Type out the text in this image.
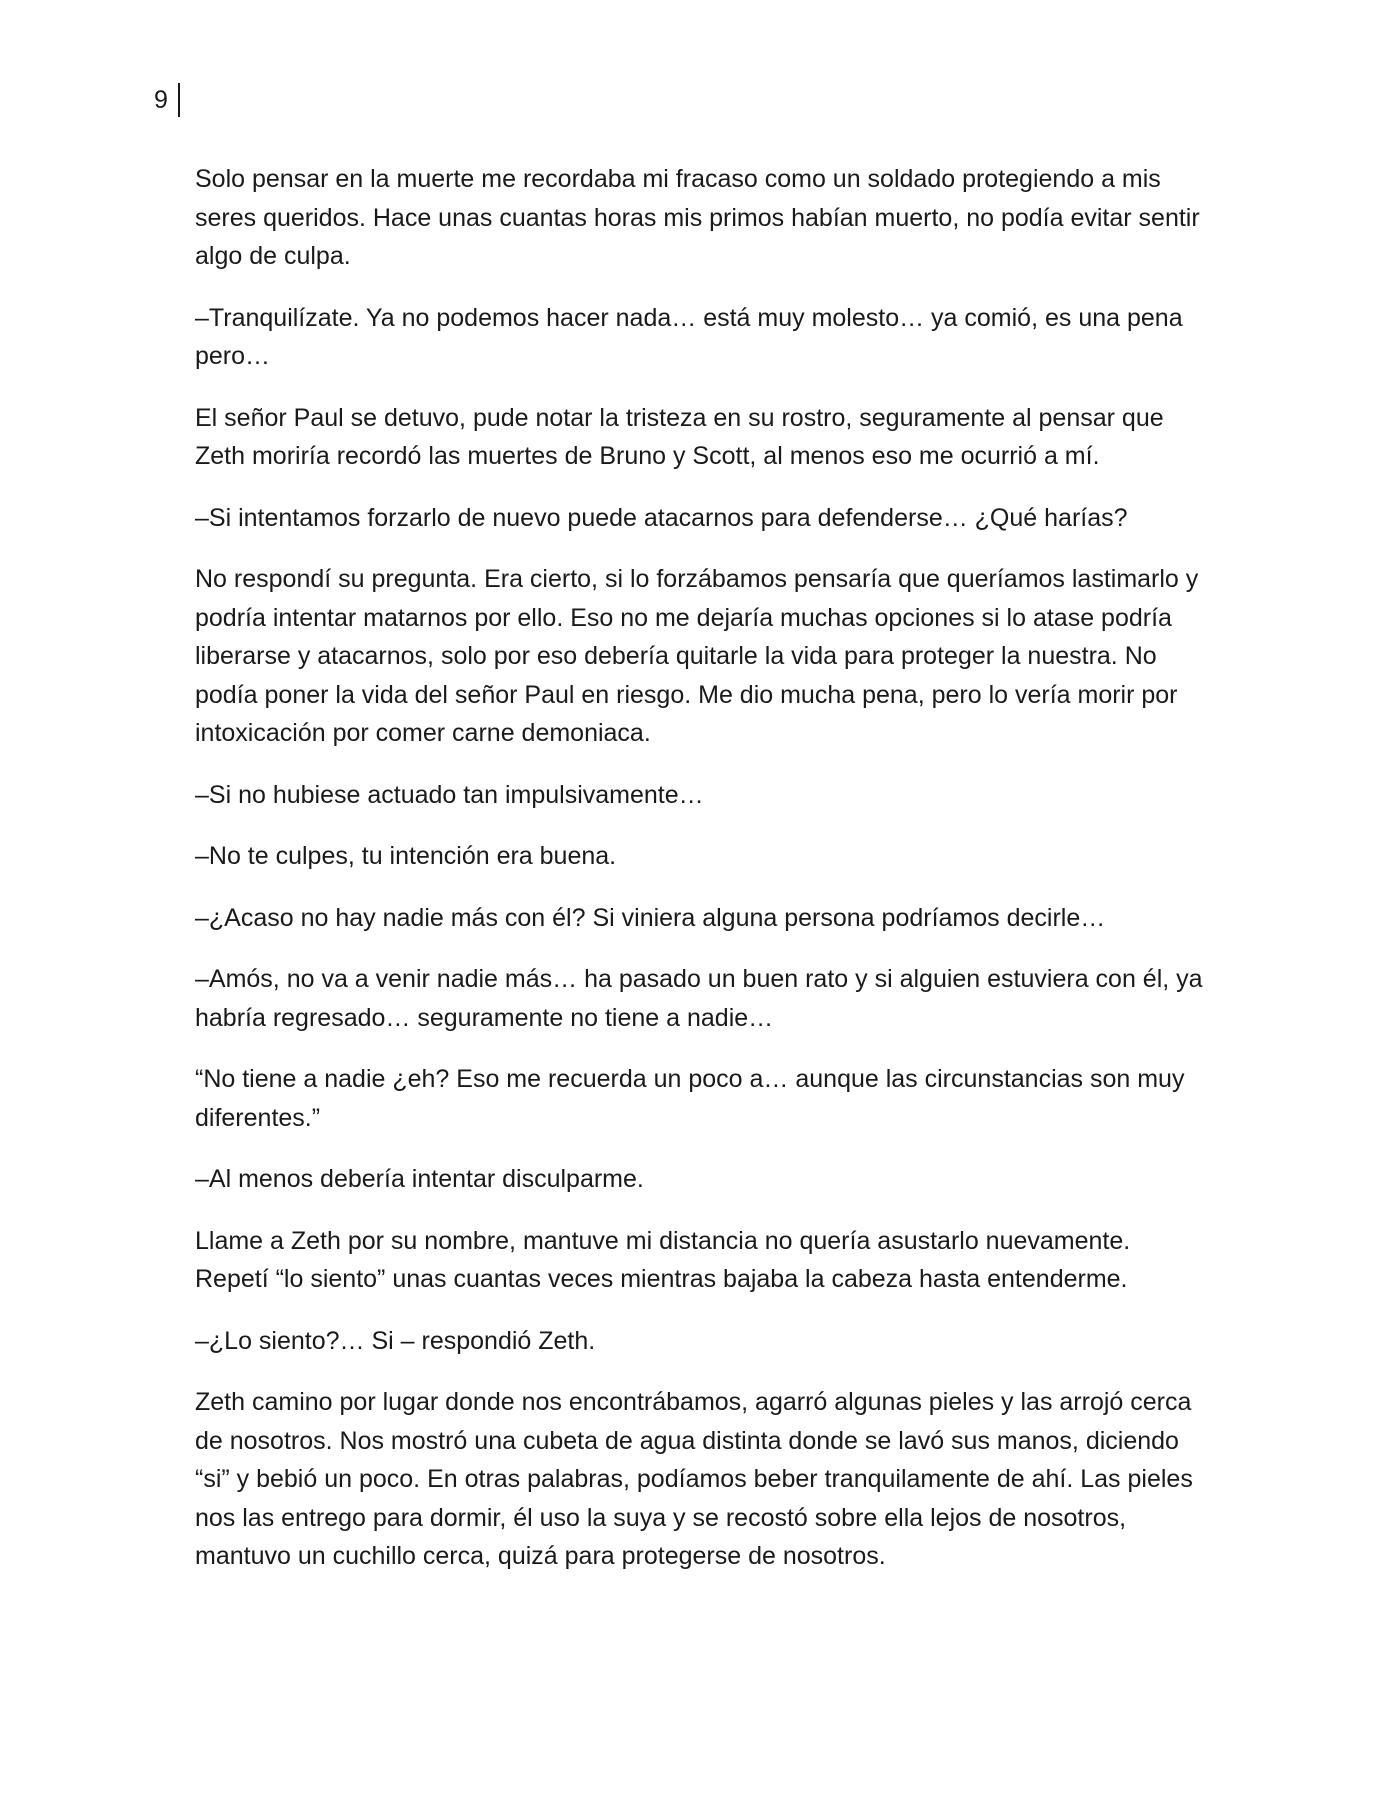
9

Solo pensar en la muerte me recordaba mi fracaso como un soldado protegiendo a mis seres queridos. Hace unas cuantas horas mis primos habían muerto, no podía evitar sentir algo de culpa.

–Tranquilízate. Ya no podemos hacer nada… está muy molesto… ya comió, es una pena pero…

El señor Paul se detuvo, pude notar la tristeza en su rostro, seguramente al pensar que Zeth moriría recordó las muertes de Bruno y Scott, al menos eso me ocurrió a mí.

–Si intentamos forzarlo de nuevo puede atacarnos para defenderse… ¿Qué harías?

No respondí su pregunta. Era cierto, si lo forzábamos pensaría que queríamos lastimarlo y podría intentar matarnos por ello. Eso no me dejaría muchas opciones si lo atase podría liberarse y atacarnos, solo por eso debería quitarle la vida para proteger la nuestra. No podía poner la vida del señor Paul en riesgo. Me dio mucha pena, pero lo vería morir por intoxicación por comer carne demoniaca.

–Si no hubiese actuado tan impulsivamente…

–No te culpes, tu intención era buena.

–¿Acaso no hay nadie más con él? Si viniera alguna persona podríamos decirle…

–Amós, no va a venir nadie más… ha pasado un buen rato y si alguien estuviera con él, ya habría regresado… seguramente no tiene a nadie…

“No tiene a nadie ¿eh? Eso me recuerda un poco a… aunque las circunstancias son muy diferentes.”

–Al menos debería intentar disculparme.

Llame a Zeth por su nombre, mantuve mi distancia no quería asustarlo nuevamente. Repetí “lo siento” unas cuantas veces mientras bajaba la cabeza hasta entenderme.

–¿Lo siento?… Si – respondió Zeth.

Zeth camino por lugar donde nos encontrábamos, agarró algunas pieles y las arrojó cerca de nosotros. Nos mostró una cubeta de agua distinta donde se lavó sus manos, diciendo “si” y bebió un poco. En otras palabras, podíamos beber tranquilamente de ahí. Las pieles nos las entrego para dormir, él uso la suya y se recostó sobre ella lejos de nosotros, mantuvo un cuchillo cerca, quizá para protegerse de nosotros.
